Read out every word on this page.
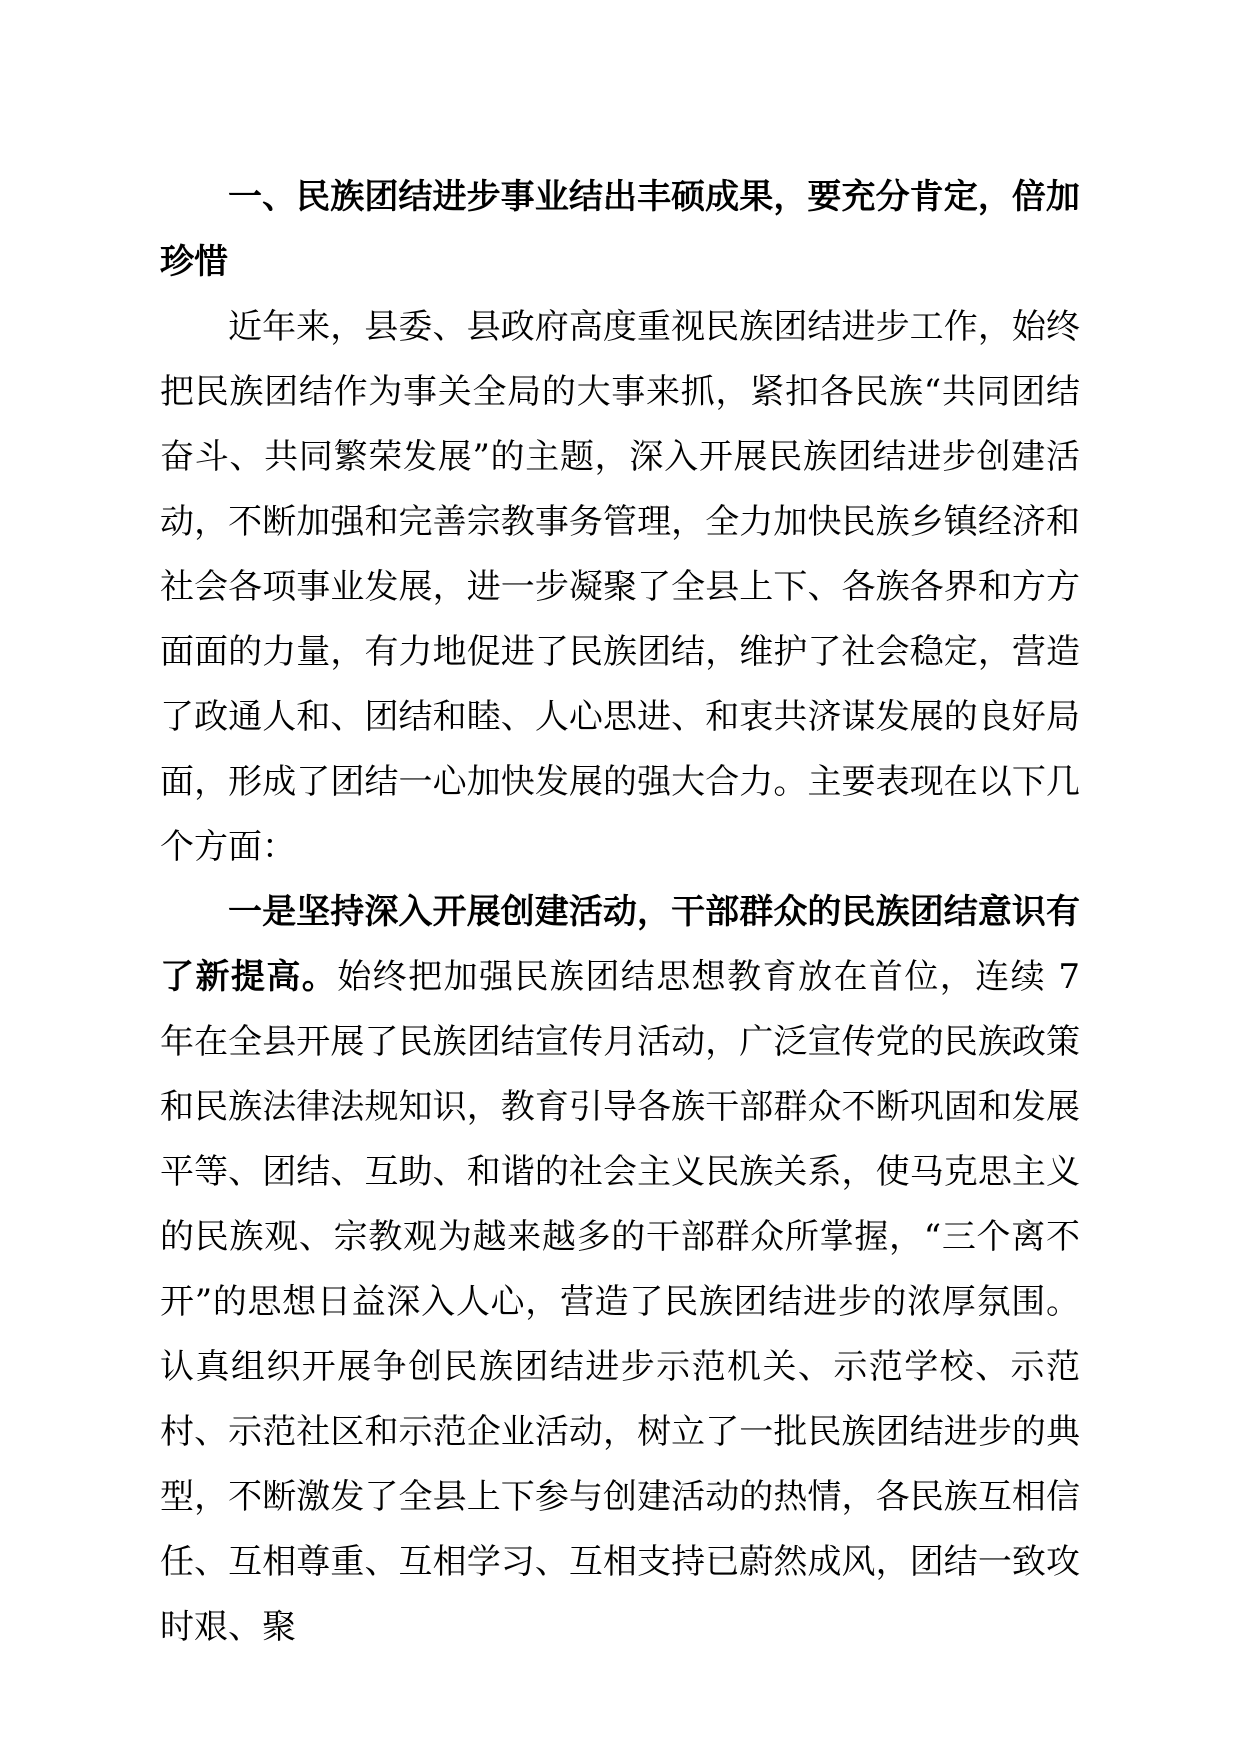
一、民族团结进步事业结出丰硕成果，要充分肯定，倍加珍惜

近年来，县委、县政府高度重视民族团结进步工作，始终把民族团结作为事关全局的大事来抓，紧扣各民族“共同团结奋斗、共同繁荣发展”的主题，深入开展民族团结进步创建活动，不断加强和完善宗教事务管理，全力加快民族乡镇经济和社会各项事业发展，进一步凝聚了全县上下、各族各界和方方面面的力量，有力地促进了民族团结，维护了社会稳定，营造了政通人和、团结和睦、人心思进、和衷共济谋发展的良好局面，形成了团结一心加快发展的强大合力。主要表现在以下几个方面：

一是坚持深入开展创建活动，干部群众的民族团结意识有了新提高。始终把加强民族团结思想教育放在首位，连续 7 年在全县开展了民族团结宣传月活动，广泛宣传党的民族政策和民族法律法规知识，教育引导各族干部群众不断巩固和发展平等、团结、互助、和谐的社会主义民族关系，使马克思主义的民族观、宗教观为越来越多的干部群众所掌握，“三个离不开”的思想日益深入人心，营造了民族团结进步的浓厚氛围。认真组织开展争创民族团结进步示范机关、示范学校、示范村、示范社区和示范企业活动，树立了一批民族团结进步的典型，不断激发了全县上下参与创建活动的热情，各民族互相信任、互相尊重、互相学习、互相支持已蔚然成风，团结一致攻时艰、聚
